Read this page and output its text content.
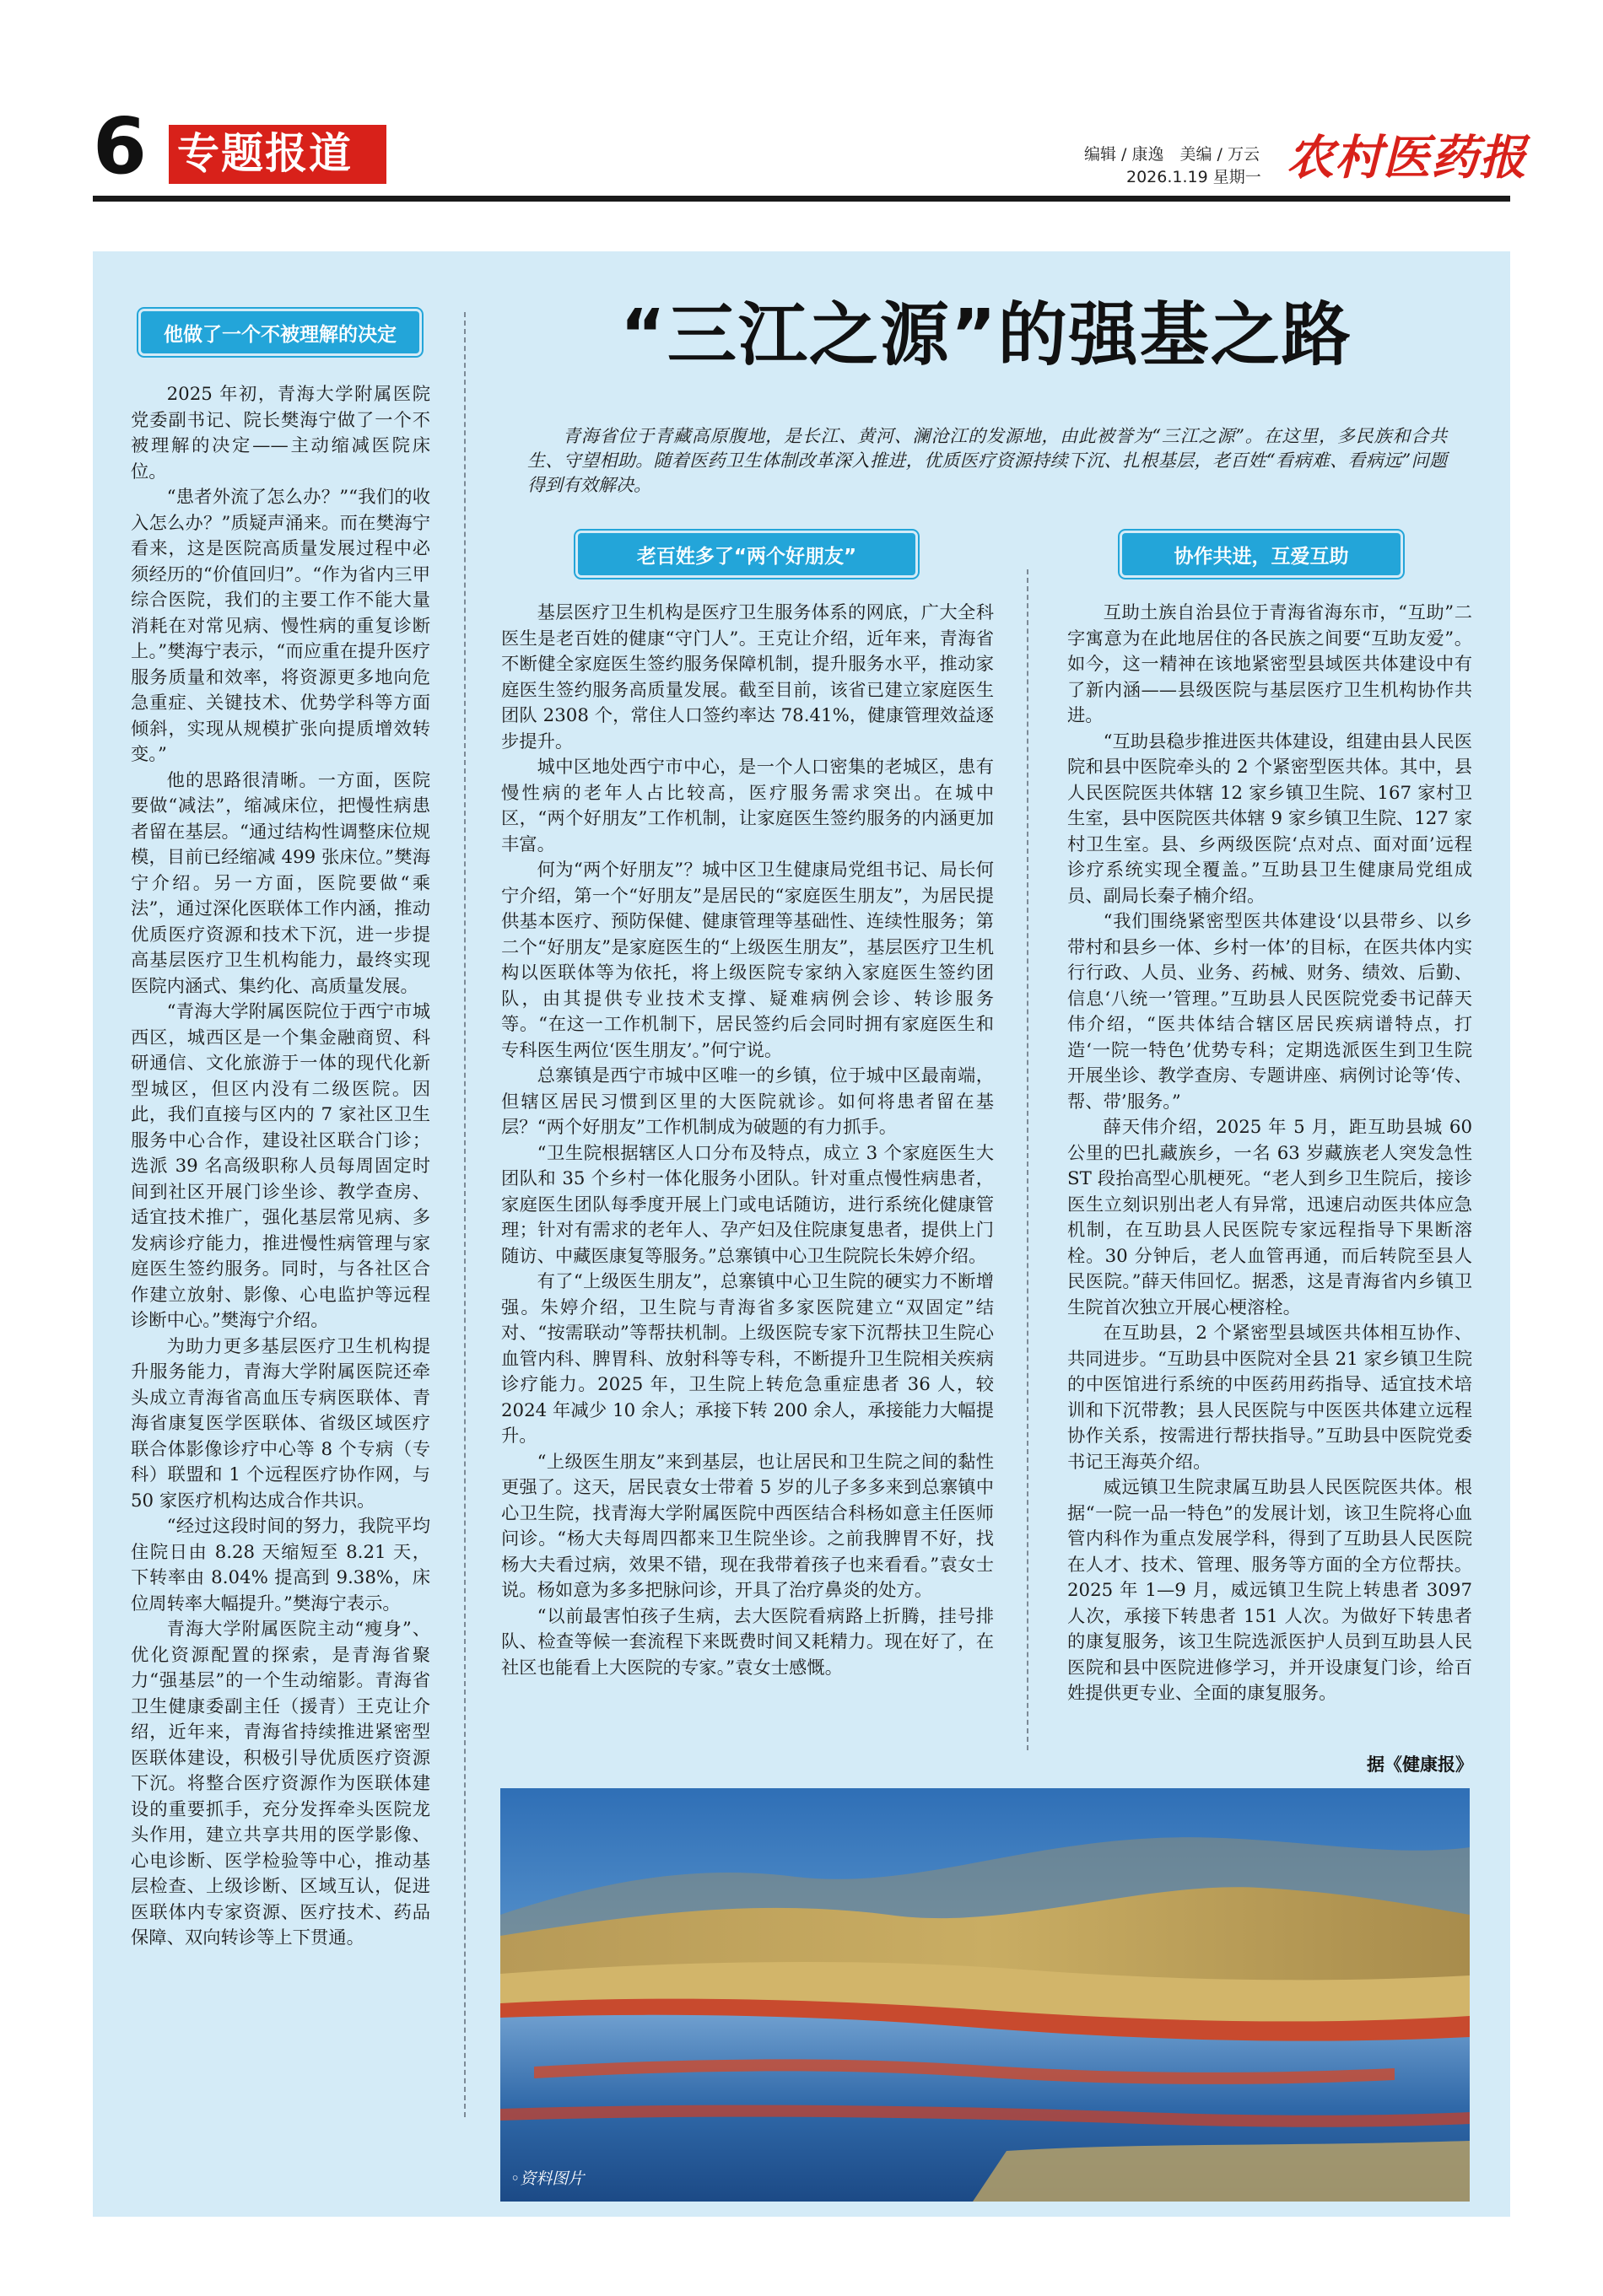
6 专题报道	编辑 / 康逸　美编 / 万云
2026.1.19 星期一 农村医药报
他做了一个不被理解的决定

2025 年初，青海大学附属医院党委副书记、院长樊海宁做了一个不被理解的决定——主动缩减医院床位。

“患者外流了怎么办？”“我们的收入怎么办？”质疑声涌来。而在樊海宁看来，这是医院高质量发展过程中必须经历的“价值回归”。“作为省内三甲综合医院，我们的主要工作不能大量消耗在对常见病、慢性病的重复诊断上。”樊海宁表示，“而应重在提升医疗服务质量和效率，将资源更多地向危急重症、关键技术、优势学科等方面倾斜，实现从规模扩张向提质增效转变。”

他的思路很清晰。一方面，医院要做“减法”，缩减床位，把慢性病患者留在基层。“通过结构性调整床位规模，目前已经缩减 499 张床位。”樊海宁介绍。另一方面，医院要做“乘法”，通过深化医联体工作内涵，推动优质医疗资源和技术下沉，进一步提高基层医疗卫生机构能力，最终实现医院内涵式、集约化、高质量发展。

“青海大学附属医院位于西宁市城西区，城西区是一个集金融商贸、科研通信、文化旅游于一体的现代化新型城区，但区内没有二级医院。因此，我们直接与区内的 7 家社区卫生服务中心合作，建设社区联合门诊；选派 39 名高级职称人员每周固定时间到社区开展门诊坐诊、教学查房、适宜技术推广，强化基层常见病、多发病诊疗能力，推进慢性病管理与家庭医生签约服务。同时，与各社区合作建立放射、影像、心电监护等远程诊断中心。”樊海宁介绍。

为助力更多基层医疗卫生机构提升服务能力，青海大学附属医院还牵头成立青海省高血压专病医联体、青海省康复医学医联体、省级区域医疗联合体影像诊疗中心等 8 个专病（专科）联盟和 1 个远程医疗协作网，与 50 家医疗机构达成合作共识。

“经过这段时间的努力，我院平均住院日由 8.28 天缩短至 8.21 天，下转率由 8.04% 提高到 9.38%，床位周转率大幅提升。”樊海宁表示。

青海大学附属医院主动“瘦身”、优化资源配置的探索，是青海省聚力“强基层”的一个生动缩影。青海省卫生健康委副主任（援青）王克让介绍，近年来，青海省持续推进紧密型医联体建设，积极引导优质医疗资源下沉。将整合医疗资源作为医联体建设的重要抓手，充分发挥牵头医院龙头作用，建立共享共用的医学影像、心电诊断、医学检验等中心，推动基层检查、上级诊断、区域互认，促进医联体内专家资源、医疗技术、药品保障、双向转诊等上下贯通。

“三江之源”的强基之路
青海省位于青藏高原腹地，是长江、黄河、澜沧江的发源地，由此被誉为“三江之源”。在这里，多民族和合共生、守望相助。随着医药卫生体制改革深入推进，优质医疗资源持续下沉、扎根基层，老百姓“看病难、看病远”问题得到有效解决。
老百姓多了“两个好朋友”

基层医疗卫生机构是医疗卫生服务体系的网底，广大全科医生是老百姓的健康“守门人”。王克让介绍，近年来，青海省不断健全家庭医生签约服务保障机制，提升服务水平，推动家庭医生签约服务高质量发展。截至目前，该省已建立家庭医生团队 2308 个，常住人口签约率达 78.41%，健康管理效益逐步提升。

城中区地处西宁市中心，是一个人口密集的老城区，患有慢性病的老年人占比较高，医疗服务需求突出。在城中区，“两个好朋友”工作机制，让家庭医生签约服务的内涵更加丰富。

何为“两个好朋友”？城中区卫生健康局党组书记、局长何宁介绍，第一个“好朋友”是居民的“家庭医生朋友”，为居民提供基本医疗、预防保健、健康管理等基础性、连续性服务；第二个“好朋友”是家庭医生的“上级医生朋友”，基层医疗卫生机构以医联体等为依托，将上级医院专家纳入家庭医生签约团队，由其提供专业技术支撑、疑难病例会诊、转诊服务等。“在这一工作机制下，居民签约后会同时拥有家庭医生和专科医生两位‘医生朋友’。”何宁说。

总寨镇是西宁市城中区唯一的乡镇，位于城中区最南端，但辖区居民习惯到区里的大医院就诊。如何将患者留在基层？“两个好朋友”工作机制成为破题的有力抓手。

“卫生院根据辖区人口分布及特点，成立 3 个家庭医生大团队和 35 个乡村一体化服务小团队。针对重点慢性病患者，家庭医生团队每季度开展上门或电话随访，进行系统化健康管理；针对有需求的老年人、孕产妇及住院康复患者，提供上门随访、中藏医康复等服务。”总寨镇中心卫生院院长朱婷介绍。

有了“上级医生朋友”，总寨镇中心卫生院的硬实力不断增强。朱婷介绍，卫生院与青海省多家医院建立“双固定”结对、“按需联动”等帮扶机制。上级医院专家下沉帮扶卫生院心血管内科、脾胃科、放射科等专科，不断提升卫生院相关疾病诊疗能力。2025 年，卫生院上转危急重症患者 36 人，较 2024 年减少 10 余人；承接下转 200 余人，承接能力大幅提升。

“上级医生朋友”来到基层，也让居民和卫生院之间的黏性更强了。这天，居民袁女士带着 5 岁的儿子多多来到总寨镇中心卫生院，找青海大学附属医院中西医结合科杨如意主任医师问诊。“杨大夫每周四都来卫生院坐诊。之前我脾胃不好，找杨大夫看过病，效果不错，现在我带着孩子也来看看。”袁女士说。杨如意为多多把脉问诊，开具了治疗鼻炎的处方。

“以前最害怕孩子生病，去大医院看病路上折腾，挂号排队、检查等候一套流程下来既费时间又耗精力。现在好了，在社区也能看上大医院的专家。”袁女士感慨。

协作共进，互爱互助

互助土族自治县位于青海省海东市，“互助”二字寓意为在此地居住的各民族之间要“互助友爱”。如今，这一精神在该地紧密型县域医共体建设中有了新内涵——县级医院与基层医疗卫生机构协作共进。

“互助县稳步推进医共体建设，组建由县人民医院和县中医院牵头的 2 个紧密型医共体。其中，县人民医院医共体辖 12 家乡镇卫生院、167 家村卫生室，县中医院医共体辖 9 家乡镇卫生院、127 家村卫生室。县、乡两级医院‘点对点、面对面’远程诊疗系统实现全覆盖。”互助县卫生健康局党组成员、副局长秦子楠介绍。

“我们围绕紧密型医共体建设‘以县带乡、以乡带村和县乡一体、乡村一体’的目标，在医共体内实行行政、人员、业务、药械、财务、绩效、后勤、信息‘八统一’管理。”互助县人民医院党委书记薛天伟介绍，“医共体结合辖区居民疾病谱特点，打造‘一院一特色’优势专科；定期选派医生到卫生院开展坐诊、教学查房、专题讲座、病例讨论等‘传、帮、带’服务。”

薛天伟介绍，2025 年 5 月，距互助县城 60 公里的巴扎藏族乡，一名 63 岁藏族老人突发急性 ST 段抬高型心肌梗死。“老人到乡卫生院后，接诊医生立刻识别出老人有异常，迅速启动医共体应急机制，在互助县人民医院专家远程指导下果断溶栓。30 分钟后，老人血管再通，而后转院至县人民医院。”薛天伟回忆。据悉，这是青海省内乡镇卫生院首次独立开展心梗溶栓。

在互助县，2 个紧密型县域医共体相互协作、共同进步。“互助县中医院对全县 21 家乡镇卫生院的中医馆进行系统的中医药用药指导、适宜技术培训和下沉带教；县人民医院与中医医共体建立远程协作关系，按需进行帮扶指导。”互助县中医院党委书记王海英介绍。

威远镇卫生院隶属互助县人民医院医共体。根据“一院一品一特色”的发展计划，该卫生院将心血管内科作为重点发展学科，得到了互助县人民医院在人才、技术、管理、服务等方面的全方位帮扶。2025 年 1—9 月，威远镇卫生院上转患者 3097 人次，承接下转患者 151 人次。为做好下转患者的康复服务，该卫生院选派医护人员到互助县人民医院和县中医院进修学习，并开设康复门诊，给百姓提供更专业、全面的康复服务。

据《健康报》
◦资料图片
